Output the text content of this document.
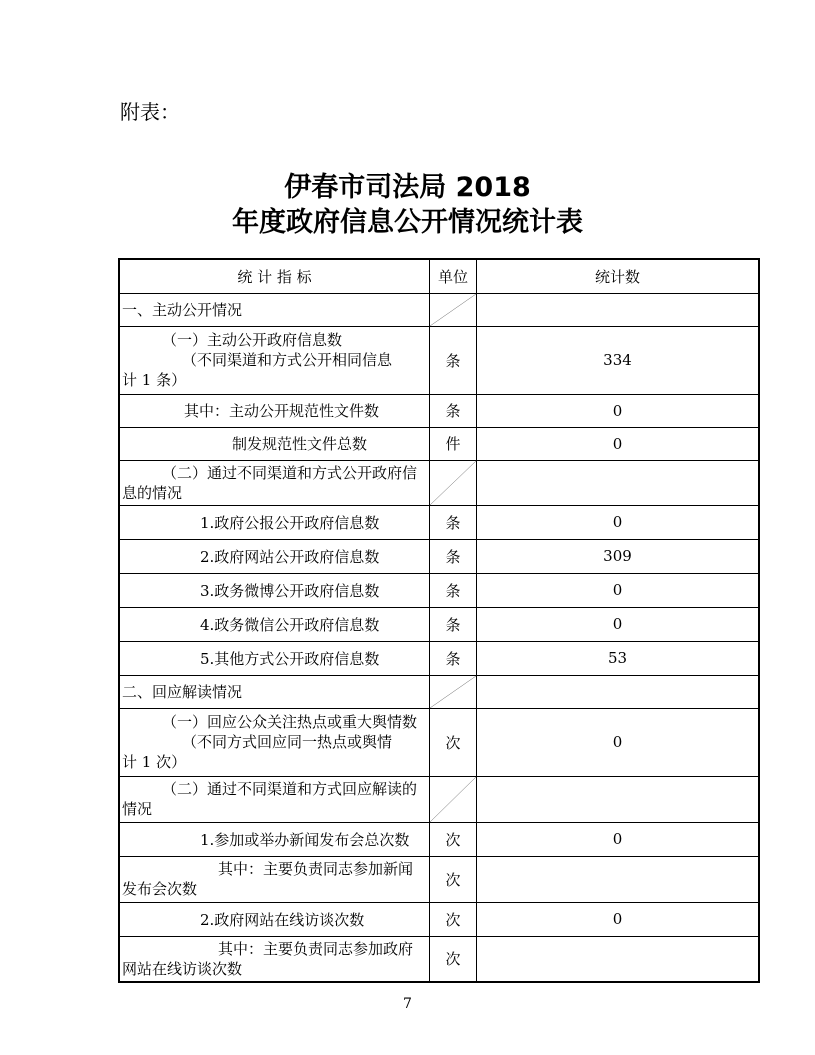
附表：
伊春市司法局 2018
年度政府信息公开情况统计表
统 计 指 标	单位	统计数
一、主动公开情况	

（一）主动公开政府信息数
（不同渠道和方式公开相同信息
计 1 条）	条	334
其中：主动公开规范性文件数	条	0
制发规范性文件总数	件	0

（二）通过不同渠道和方式公开政府信
息的情况

1.政府公报公开政府信息数	条	0
2.政府网站公开政府信息数	条	309
3.政务微博公开政府信息数	条	0
4.政务微信公开政府信息数	条	0
5.其他方式公开政府信息数	条	53
二、回应解读情况	

（一）回应公众关注热点或重大舆情数
（不同方式回应同一热点或舆情
计 1 次）	次	0

（二）通过不同渠道和方式回应解读的
情况

1.参加或举办新闻发布会总次数	次	0

其中：主要负责同志参加新闻
发布会次数	次	
2.政府网站在线访谈次数	次	0

其中：主要负责同志参加政府
网站在线访谈次数	次	
7
